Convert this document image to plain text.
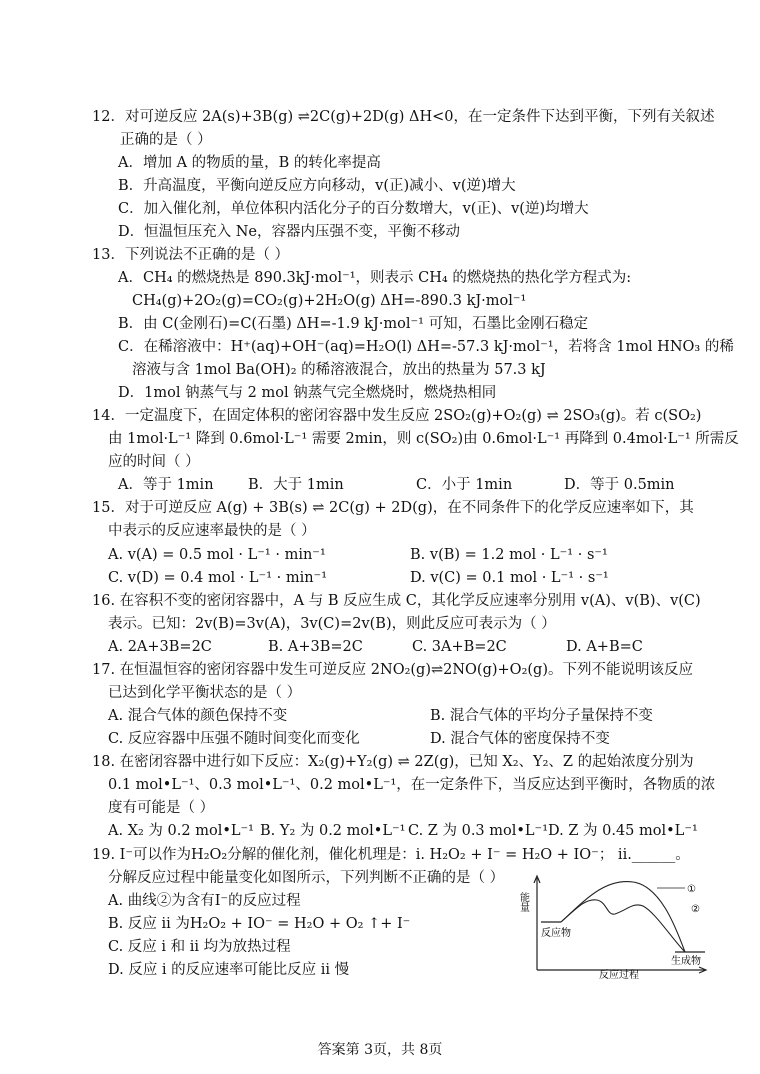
12．对可逆反应 2A(s)+3B(g) ⇌2C(g)+2D(g) ΔH<0，在一定条件下达到平衡，下列有关叙述
正确的是（ ）
A．增加 A 的物质的量，B 的转化率提高
B．升高温度，平衡向逆反应方向移动，v(正)减小、v(逆)增大
C．加入催化剂，单位体积内活化分子的百分数增大，v(正)、v(逆)均增大
D．恒温恒压充入 Ne，容器内压强不变，平衡不移动
13．下列说法不正确的是（ ）
A．CH₄ 的燃烧热是 890.3kJ·mol⁻¹，则表示 CH₄ 的燃烧热的热化学方程式为:
CH₄(g)+2O₂(g)=CO₂(g)+2H₂O(g) ΔH=-890.3 kJ·mol⁻¹
B．由 C(金刚石)=C(石墨) ΔH=-1.9 kJ·mol⁻¹ 可知，石墨比金刚石稳定
C．在稀溶液中：H⁺(aq)+OH⁻(aq)=H₂O(l) ΔH=-57.3 kJ·mol⁻¹，若将含 1mol HNO₃ 的稀
溶液与含 1mol Ba(OH)₂ 的稀溶液混合，放出的热量为 57.3 kJ
D．1mol 钠蒸气与 2 mol 钠蒸气完全燃烧时，燃烧热相同
14．一定温度下，在固定体积的密闭容器中发生反应 2SO₂(g)+O₂(g) ⇌ 2SO₃(g)。若 c(SO₂)
由 1mol·L⁻¹ 降到 0.6mol·L⁻¹ 需要 2min，则 c(SO₂)由 0.6mol·L⁻¹ 再降到 0.4mol·L⁻¹ 所需反
应的时间（ ）
A．等于 1min B．大于 1min	C．小于 1min	D．等于 0.5min
15．对于可逆反应 A(g) + 3B(s) ⇌ 2C(g) + 2D(g)，在不同条件下的化学反应速率如下，其
中表示的反应速率最快的是（ ）
A. v(A) = 0.5 mol · L⁻¹ · min⁻¹	B. v(B) = 1.2 mol · L⁻¹ · s⁻¹
C. v(D) = 0.4 mol · L⁻¹ · min⁻¹	D. v(C) = 0.1 mol · L⁻¹ · s⁻¹
16. 在容积不变的密闭容器中，A 与 B 反应生成 C，其化学反应速率分别用 v(A)、v(B)、v(C)
表示。已知：2v(B)=3v(A)，3v(C)=2v(B)，则此反应可表示为（ ）
A. 2A+3B=2C	B. A+3B=2C	C. 3A+B=2C	D. A+B=C
17. 在恒温恒容的密闭容器中发生可逆反应 2NO₂(g)⇌2NO(g)+O₂(g)。下列不能说明该反应
已达到化学平衡状态的是（ ）
A. 混合气体的颜色保持不变	B. 混合气体的平均分子量保持不变
C. 反应容器中压强不随时间变化而变化	D. 混合气体的密度保持不变
18. 在密闭容器中进行如下反应：X₂(g)+Y₂(g) ⇌ 2Z(g)，已知 X₂、Y₂、Z 的起始浓度分别为
0.1 mol•L⁻¹、0.3 mol•L⁻¹、0.2 mol•L⁻¹，在一定条件下，当反应达到平衡时，各物质的浓
度有可能是（ ）
A. X₂ 为 0.2 mol•L⁻¹ B. Y₂ 为 0.2 mol•L⁻¹ C. Z 为 0.3 mol•L⁻¹ D. Z 为 0.45 mol•L⁻¹
19. I⁻可以作为H₂O₂分解的催化剂，催化机理是：i. H₂O₂ + I⁻ = H₂O + IO⁻； ii.______。
分解反应过程中能量变化如图所示，下列判断不正确的是（ ）
A. 曲线②为含有I⁻的反应过程
B. 反应 ii 为H₂O₂ + IO⁻ = H₂O + O₂ ↑+ I⁻
C. 反应 i 和 ii 均为放热过程
D. 反应 i 的反应速率可能比反应 ii 慢
能量
反应过程
反应物
生成物
①
②
答案第 3页，共 8页
